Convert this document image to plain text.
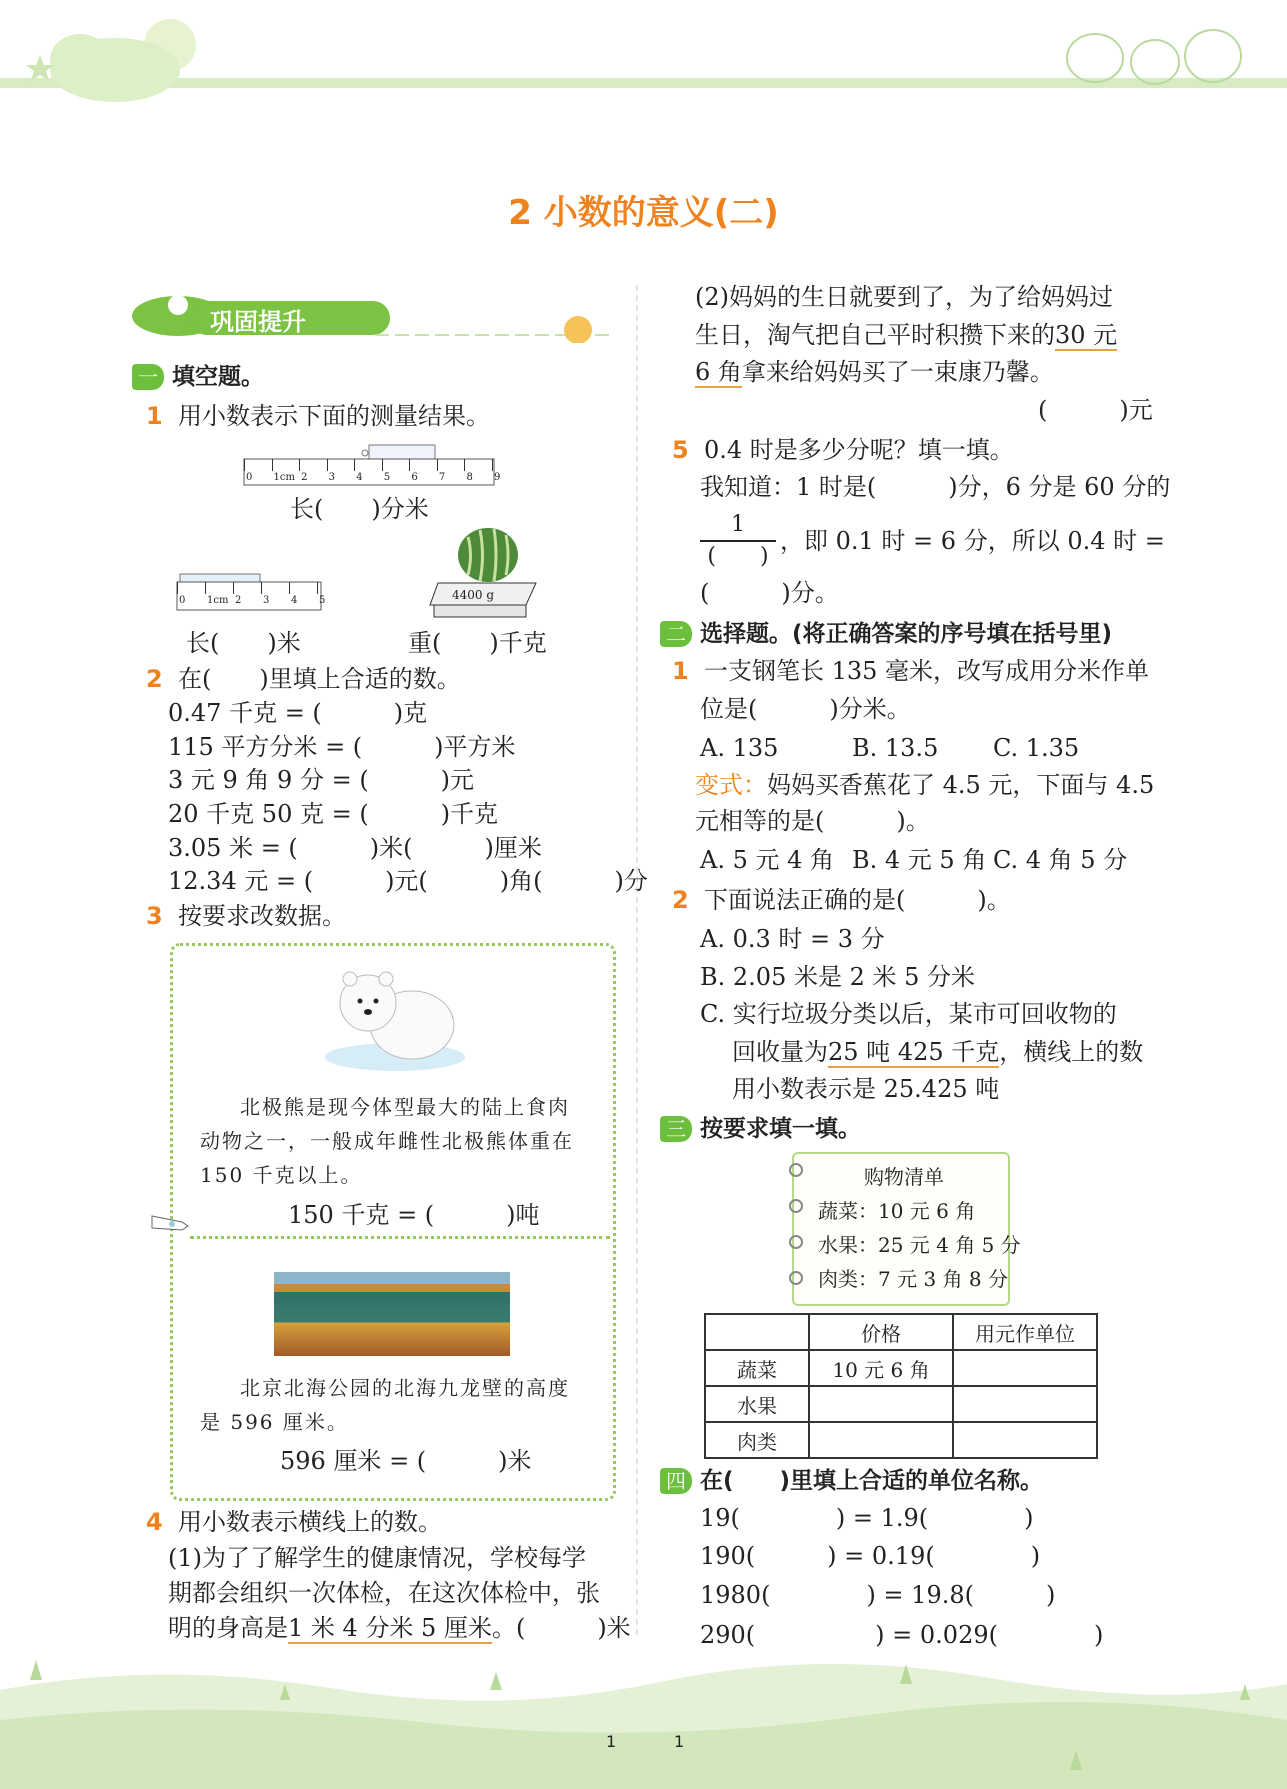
2 小数的意义(二)
巩固提升
一 填空题。
1 用小数表示下面的测量结果。
0 1cm 2 3 4 5 6 7 8 9
长(　　)分米
0 1cm 2 3 4 5
长(　　)米
4400 g
重(　　)千克
2 在(　　)里填上合适的数。
0.47 千克 = (　　　)克
115 平方分米 = (　　　)平方米
3 元 9 角 9 分 = (　　　)元
20 千克 50 克 = (　　　)千克
3.05 米 = (　　　)米(　　　)厘米
12.34 元 = (　　　)元(　　　)角(　　　)分
3 按要求改数据。
北极熊是现今体型最大的陆上食肉动物之一，一般成年雌性北极熊体重在 150 千克以上。
150 千克 = (　　　)吨
北京北海公园的北海九龙壁的高度是 596 厘米。
596 厘米 = (　　　)米
4 用小数表示横线上的数。
(1)为了了解学生的健康情况，学校每学
期都会组织一次体检，在这次体检中，张
明的身高是1 米 4 分米 5 厘米。(　　　)米
(2)妈妈的生日就要到了，为了给妈妈过
生日，淘气把自己平时积攒下来的30 元
6 角拿来给妈妈买了一束康乃馨。
(　　　)元
5 0.4 时是多少分呢？填一填。
我知道：1 时是(　　　)分，6 分是 60 分的
1
(　　)
，即 0.1 时 = 6 分，所以 0.4 时 =
(　　　)分。
二 选择题。(将正确答案的序号填在括号里)
1 一支钢笔长 135 毫米，改写成用分米作单
位是(　　　)分米。
A. 135	B. 13.5 C. 1.35
变式：妈妈买香蕉花了 4.5 元，下面与 4.5
元相等的是(　　　)。
A. 5 元 4 角 B. 4 元 5 角 C. 4 角 5 分
2 下面说法正确的是(　　　)。
A. 0.3 时 = 3 分
B. 2.05 米是 2 米 5 分米
C. 实行垃圾分类以后，某市可回收物的
回收量为25 吨 425 千克，横线上的数
用小数表示是 25.425 吨
三 按要求填一填。
购物清单
蔬菜：10 元 6 角
水果：25 元 4 角 5 分
肉类：7 元 3 角 8 分
	价格	用元作单位
蔬菜	10 元 6 角	
水果		
肉类		
四 在(　　)里填上合适的单位名称。
19(　　　　) = 1.9(　　　　)
190(　　　) = 0.19(　　　　)
1980(　　　　) = 19.8(　　　)
290(　　　　　) = 0.029(　　　　)
1	1
